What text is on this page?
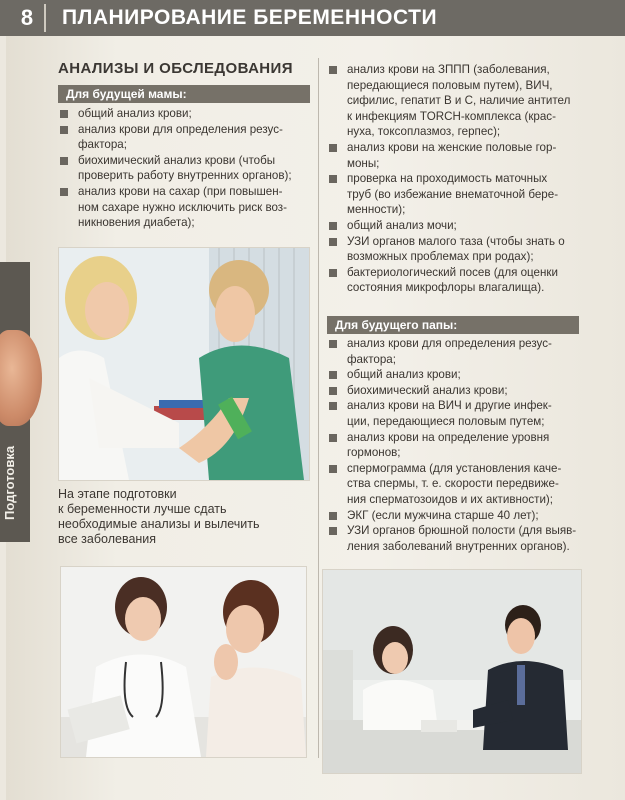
8	ПЛАНИРОВАНИЕ БЕРЕМЕННОСТИ
Подготовка
АНАЛИЗЫ И ОБСЛЕДОВАНИЯ
Для будущей мамы:
общий анализ крови;
анализ крови для определения резус-
фактора;
биохимический анализ крови (чтобы
проверить работу внутренних органов);
анализ крови на сахар (при повышен-
ном сахаре нужно исключить риск воз-
никновения диабета);
На этапе подготовки
к беременности лучше сдать
необходимые анализы и вылечить
все заболевания
анализ крови на ЗППП (заболевания,
передающиеся половым путем), ВИЧ,
сифилис, гепатит В и С, наличие антител
к инфекциям TORCH-комплекса (крас-
нуха, токсоплазмоз, герпес);
анализ крови на женские половые гор-
моны;
проверка на проходимость маточных
труб (во избежание внематочной бере-
менности);
общий анализ мочи;
УЗИ органов малого таза (чтобы знать о
возможных проблемах при родах);
бактериологический посев (для оценки
состояния микрофлоры влагалища).
Для будущего папы:
анализ крови для определения резус-
фактора;
общий анализ крови;
биохимический анализ крови;
анализ крови на ВИЧ и другие инфек-
ции, передающиеся половым путем;
анализ крови на определение уровня
гормонов;
спермограмма (для установления каче-
ства спермы, т. е. скорости передвиже-
ния сперматозоидов и их активности);
ЭКГ (если мужчина старше 40 лет);
УЗИ органов брюшной полости (для выяв-
ления заболеваний внутренних органов).
